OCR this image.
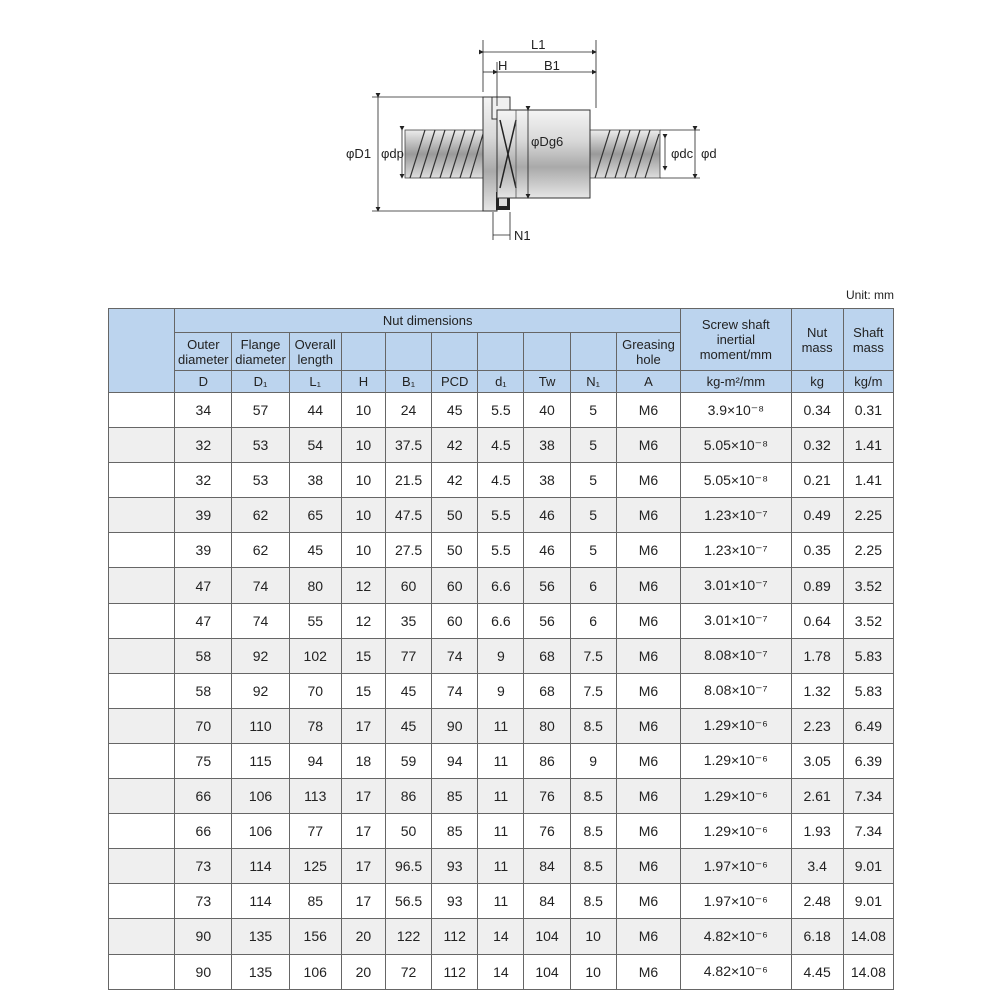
L1
H	B1
N1
φD1 φdp
φDg6
φdc φd
Unit: mm
	Nut dimensions										Screw shaft inertial moment/mm	Nut mass	Shaft mass
	Outer diameter	Flange diameter	Overall length							Greasing hole			
	D	D₁	L₁	H	B₁	PCD	d₁	Tw	N₁	A	kg-m²/mm	kg	kg/m
	34	57	44	10	24	45	5.5	40	5	M6	3.9×10⁻⁸	0.34	0.31
	32	53	54	10	37.5	42	4.5	38	5	M6	5.05×10⁻⁸	0.32	1.41
	32	53	38	10	21.5	42	4.5	38	5	M6	5.05×10⁻⁸	0.21	1.41
	39	62	65	10	47.5	50	5.5	46	5	M6	1.23×10⁻⁷	0.49	2.25
	39	62	45	10	27.5	50	5.5	46	5	M6	1.23×10⁻⁷	0.35	2.25
	47	74	80	12	60	60	6.6	56	6	M6	3.01×10⁻⁷	0.89	3.52
	47	74	55	12	35	60	6.6	56	6	M6	3.01×10⁻⁷	0.64	3.52
	58	92	102	15	77	74	9	68	7.5	M6	8.08×10⁻⁷	1.78	5.83
	58	92	70	15	45	74	9	68	7.5	M6	8.08×10⁻⁷	1.32	5.83
	70	110	78	17	45	90	11	80	8.5	M6	1.29×10⁻⁶	2.23	6.49
	75	115	94	18	59	94	11	86	9	M6	1.29×10⁻⁶	3.05	6.39
	66	106	113	17	86	85	11	76	8.5	M6	1.29×10⁻⁶	2.61	7.34
	66	106	77	17	50	85	11	76	8.5	M6	1.29×10⁻⁶	1.93	7.34
	73	114	125	17	96.5	93	11	84	8.5	M6	1.97×10⁻⁶	3.4	9.01
	73	114	85	17	56.5	93	11	84	8.5	M6	1.97×10⁻⁶	2.48	9.01
	90	135	156	20	122	112	14	104	10	M6	4.82×10⁻⁶	6.18	14.08
	90	135	106	20	72	112	14	104	10	M6	4.82×10⁻⁶	4.45	14.08
